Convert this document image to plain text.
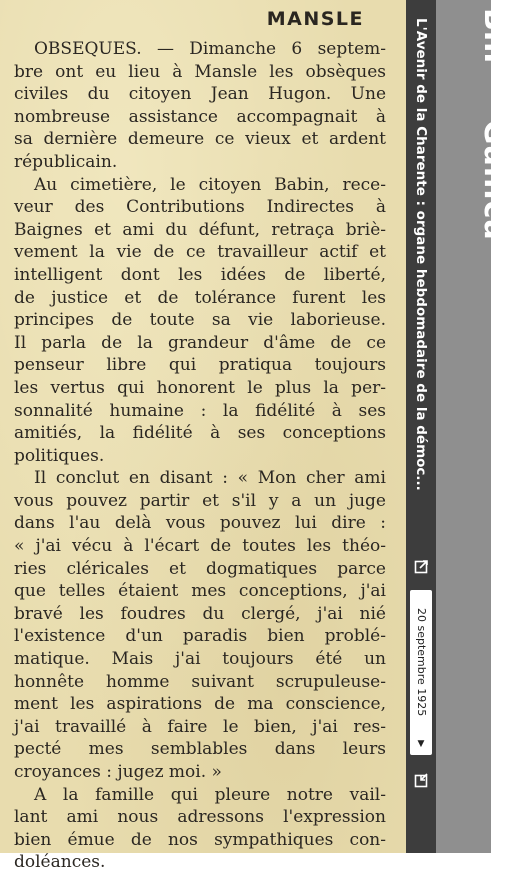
MANSLE
OBSEQUES. — Dimanche 6 septem-
bre ont eu lieu à Mansle les obsèques
civiles du citoyen Jean Hugon. Une
nombreuse assistance accompagnait à
sa dernière demeure ce vieux et ardent
républicain.
Au cimetière, le citoyen Babin, rece-
veur des Contributions Indirectes à
Baignes et ami du défunt, retraça briè-
vement la vie de ce travailleur actif et
intelligent dont les idées de liberté,
de justice et de tolérance furent les
principes de toute sa vie laborieuse.
Il parla de la grandeur d'âme de ce
penseur libre qui pratiqua toujours
les vertus qui honorent le plus la per-
sonnalité humaine : la fidélité à ses
amitiés, la fidélité à ses conceptions
politiques.
Il conclut en disant : « Mon cher ami
vous pouvez partir et s'il y a un juge
dans l'au delà vous pouvez lui dire :
« j'ai vécu à l'écart de toutes les théo-
ries cléricales et dogmatiques parce
que telles étaient mes conceptions, j'ai
bravé les foudres du clergé, j'ai nié
l'existence d'un paradis bien problé-
matique. Mais j'ai toujours été un
honnête homme suivant scrupuleuse-
ment les aspirations de ma conscience,
j'ai travaillé à faire le bien, j'ai res-
pecté mes semblables dans leurs
croyances : jugez moi. »
A la famille qui pleure notre vail-
lant ami nous adressons l'expression
bien émue de nos sympathiques con-
doléances.
L'Avenir de la Charente : organe hebdomadaire de la démoc...
20 septembre 1925
▼
BnF
Gallica
